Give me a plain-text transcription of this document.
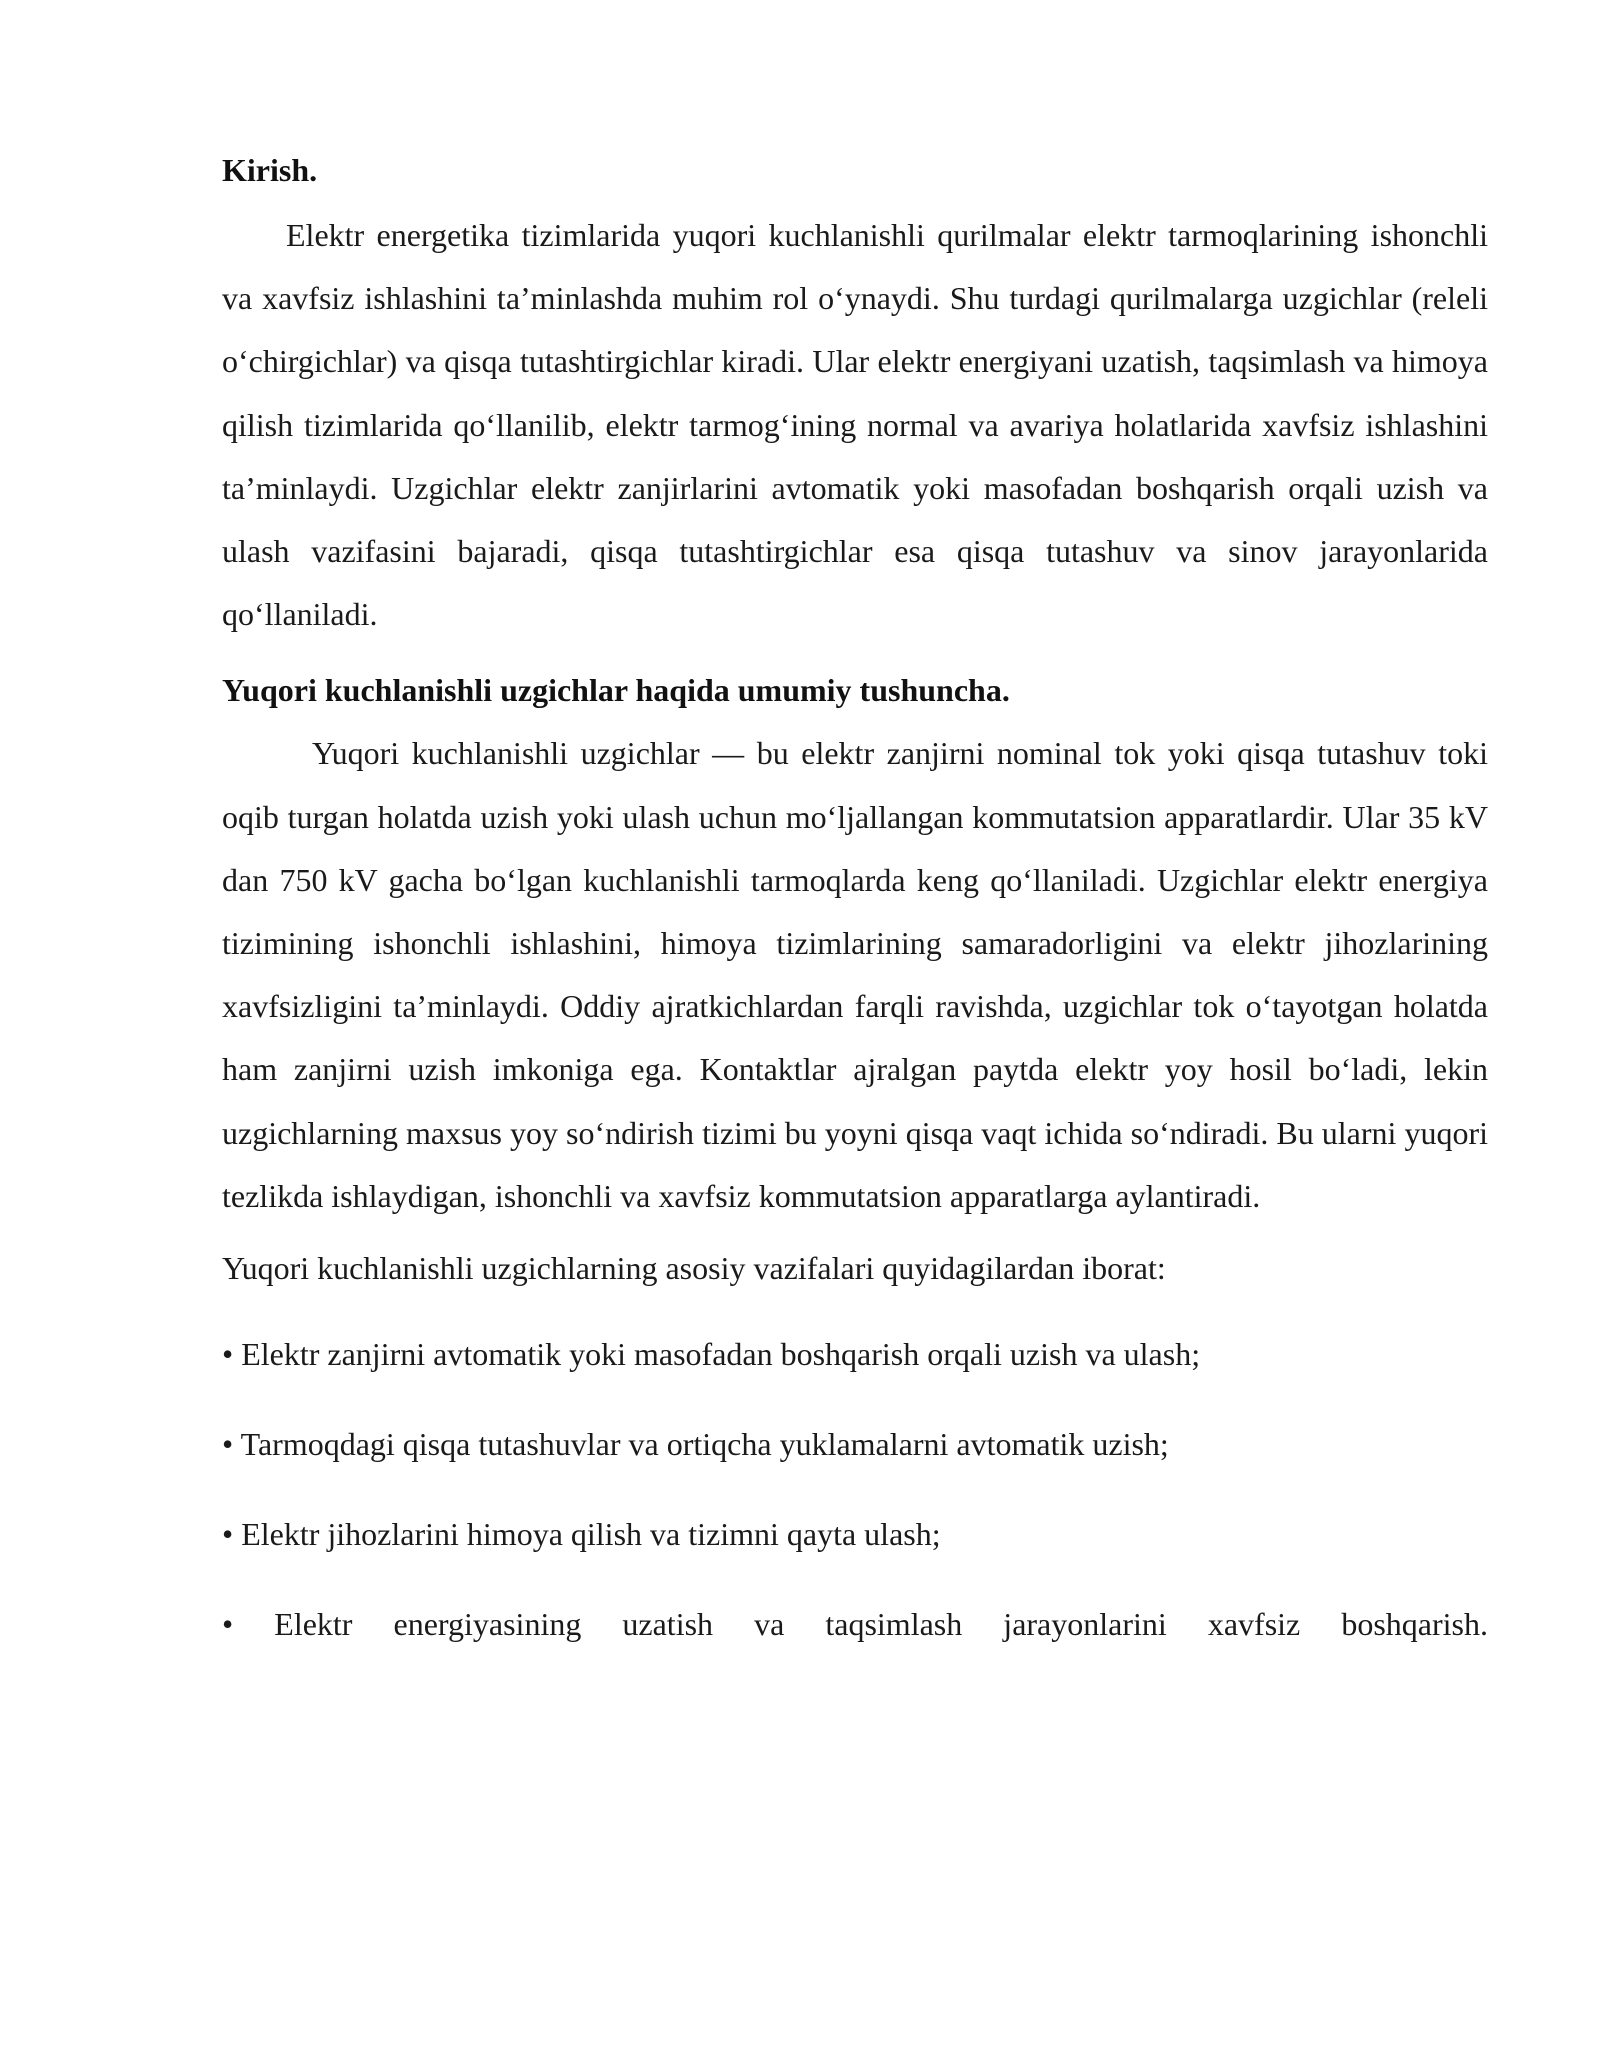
Kirish.

Elektr energetika tizimlarida yuqori kuchlanishli qurilmalar elektr tarmoqlarining ishonchli va xavfsiz ishlashini ta’minlashda muhim rol o‘ynaydi. Shu turdagi qurilmalarga uzgichlar (releli o‘chirgichlar) va qisqa tutashtirgichlar kiradi. Ular elektr energiyani uzatish, taqsimlash va himoya qilish tizimlarida qo‘llanilib, elektr tarmog‘ining normal va avariya holatlarida xavfsiz ishlashini ta’minlaydi. Uzgichlar elektr zanjirlarini avtomatik yoki masofadan boshqarish orqali uzish va ulash vazifasini bajaradi, qisqa tutashtirgichlar esa qisqa tutashuv va sinov jarayonlarida qo‘llaniladi.

Yuqori kuchlanishli uzgichlar haqida umumiy tushuncha.

Yuqori kuchlanishli uzgichlar — bu elektr zanjirni nominal tok yoki qisqa tutashuv toki oqib turgan holatda uzish yoki ulash uchun mo‘ljallangan kommutatsion apparatlardir. Ular 35 kV dan 750 kV gacha bo‘lgan kuchlanishli tarmoqlarda keng qo‘llaniladi. Uzgichlar elektr energiya tizimining ishonchli ishlashini, himoya tizimlarining samaradorligini va elektr jihozlarining xavfsizligini ta’minlaydi. Oddiy ajratkichlardan farqli ravishda, uzgichlar tok o‘tayotgan holatda ham zanjirni uzish imkoniga ega. Kontaktlar ajralgan paytda elektr yoy hosil bo‘ladi, lekin uzgichlarning maxsus yoy so‘ndirish tizimi bu yoyni qisqa vaqt ichida so‘ndiradi. Bu ularni yuqori tezlikda ishlaydigan, ishonchli va xavfsiz kommutatsion apparatlarga aylantiradi.

Yuqori kuchlanishli uzgichlarning asosiy vazifalari quyidagilardan iborat:

• Elektr zanjirni avtomatik yoki masofadan boshqarish orqali uzish va ulash;
• Tarmoqdagi qisqa tutashuvlar va ortiqcha yuklamalarni avtomatik uzish;
• Elektr jihozlarini himoya qilish va tizimni qayta ulash;
• Elektr energiyasining uzatish va taqsimlash jarayonlarini xavfsiz boshqarish.
